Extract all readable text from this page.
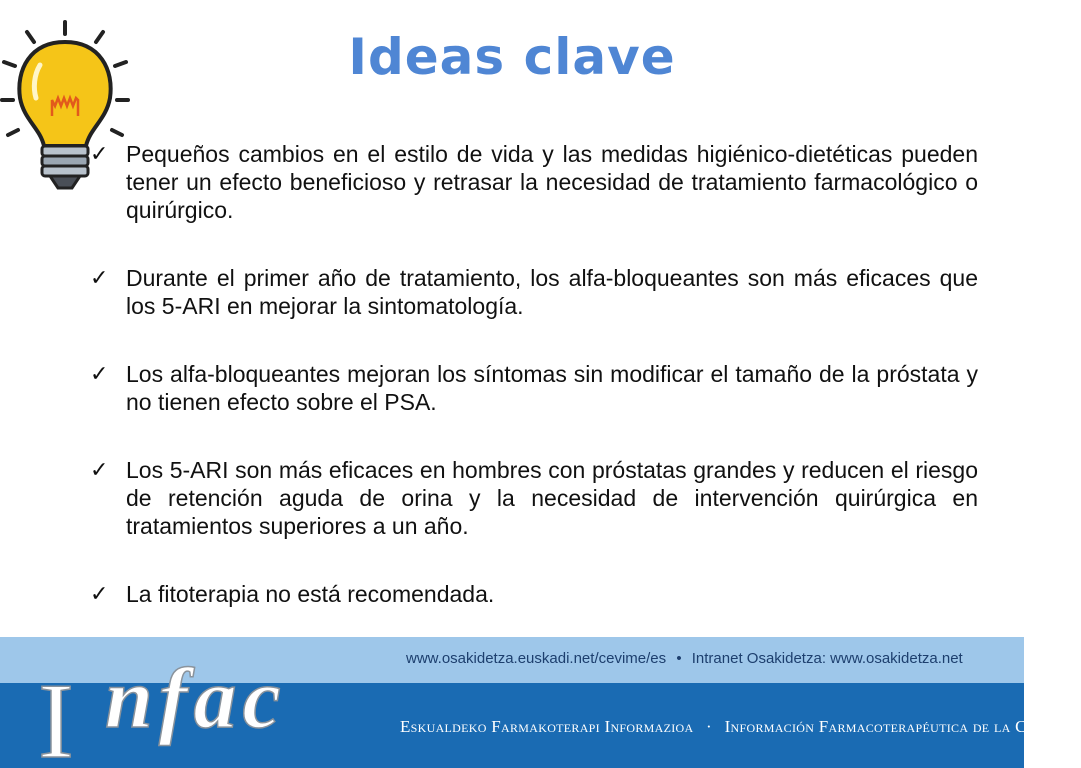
Ideas clave
✓ Pequeños cambios en el estilo de vida y las medidas higiénico-dietéticas pueden tener un efecto beneficioso y retrasar la necesidad de tratamiento farmacológico o quirúrgico.
✓ Durante el primer año de tratamiento, los alfa-bloqueantes son más eficaces que los 5-ARI en mejorar la sintomatología.
✓ Los alfa-bloqueantes mejoran los síntomas sin modificar el tamaño de la próstata y no tienen efecto sobre el PSA.
✓ Los 5-ARI son más eficaces en hombres con próstatas grandes y reducen el riesgo de retención aguda de orina y la necesidad de intervención quirúrgica en tratamientos superiores a un año.
✓ La fitoterapia no está recomendada.
I nfac	www.osakidetza.euskadi.net/cevime/es • Intranet Osakidetza: www.osakidetza.net
Eskualdeko Farmakoterapi Informazioa · Información Farmacoterapéutica de la Comarca
